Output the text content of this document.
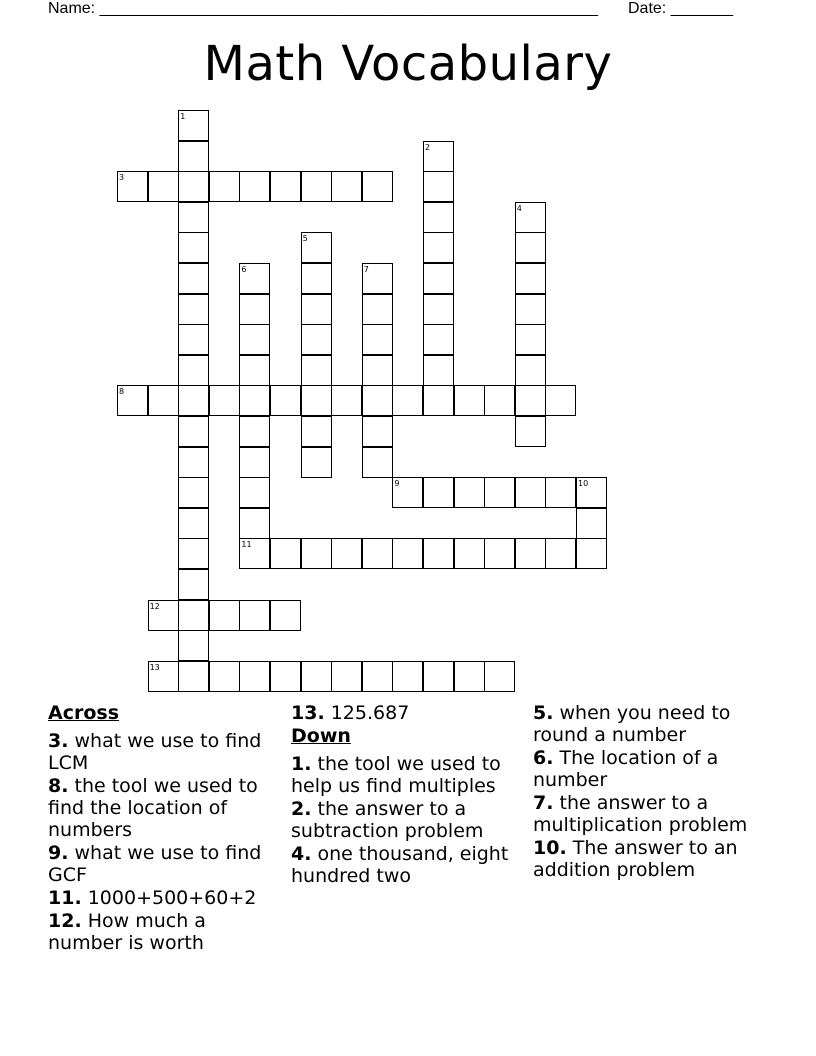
Name: ________________________________________________________ Date: _______
Math Vocabulary
1
2
3
4
5
6	7
8
9	10
11
12
13
Across
3. what we use to find LCM
8. the tool we used to find the location of numbers
9. what we use to find GCF
11. 1000+500+60+2
12. How much a number is worth
13. 125.687
Down
1. the tool we used to help us find multiples
2. the answer to a subtraction problem
4. one thousand, eight hundred two
5. when you need to round a number
6. The location of a number
7. the answer to a multiplication problem
10. The answer to an addition problem
